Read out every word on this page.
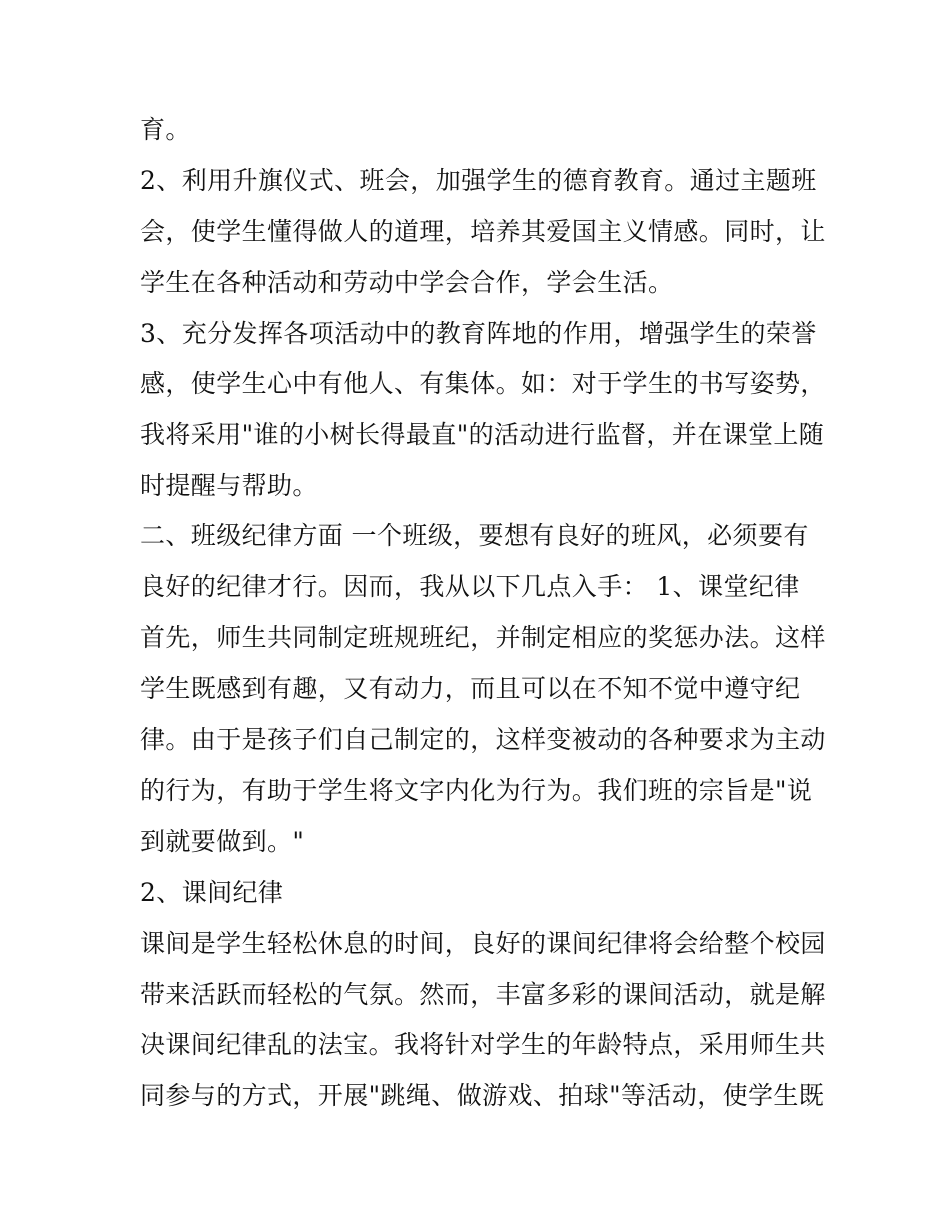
育。
2、利用升旗仪式、班会，加强学生的德育教育。通过主题班
会，使学生懂得做人的道理，培养其爱国主义情感。同时，让
学生在各种活动和劳动中学会合作，学会生活。
3、充分发挥各项活动中的教育阵地的作用，增强学生的荣誉
感，使学生心中有他人、有集体。如：对于学生的书写姿势，
我将采用"谁的小树长得最直"的活动进行监督，并在课堂上随
时提醒与帮助。
二、班级纪律方面 一个班级，要想有良好的班风，必须要有
良好的纪律才行。因而，我从以下几点入手： 1、课堂纪律
首先，师生共同制定班规班纪，并制定相应的奖惩办法。这样
学生既感到有趣，又有动力，而且可以在不知不觉中遵守纪
律。由于是孩子们自己制定的，这样变被动的各种要求为主动
的行为，有助于学生将文字内化为行为。我们班的宗旨是"说
到就要做到。"
2、课间纪律
课间是学生轻松休息的时间，良好的课间纪律将会给整个校园
带来活跃而轻松的气氛。然而，丰富多彩的课间活动，就是解
决课间纪律乱的法宝。我将针对学生的年龄特点，采用师生共
同参与的方式，开展"跳绳、做游戏、拍球"等活动，使学生既
